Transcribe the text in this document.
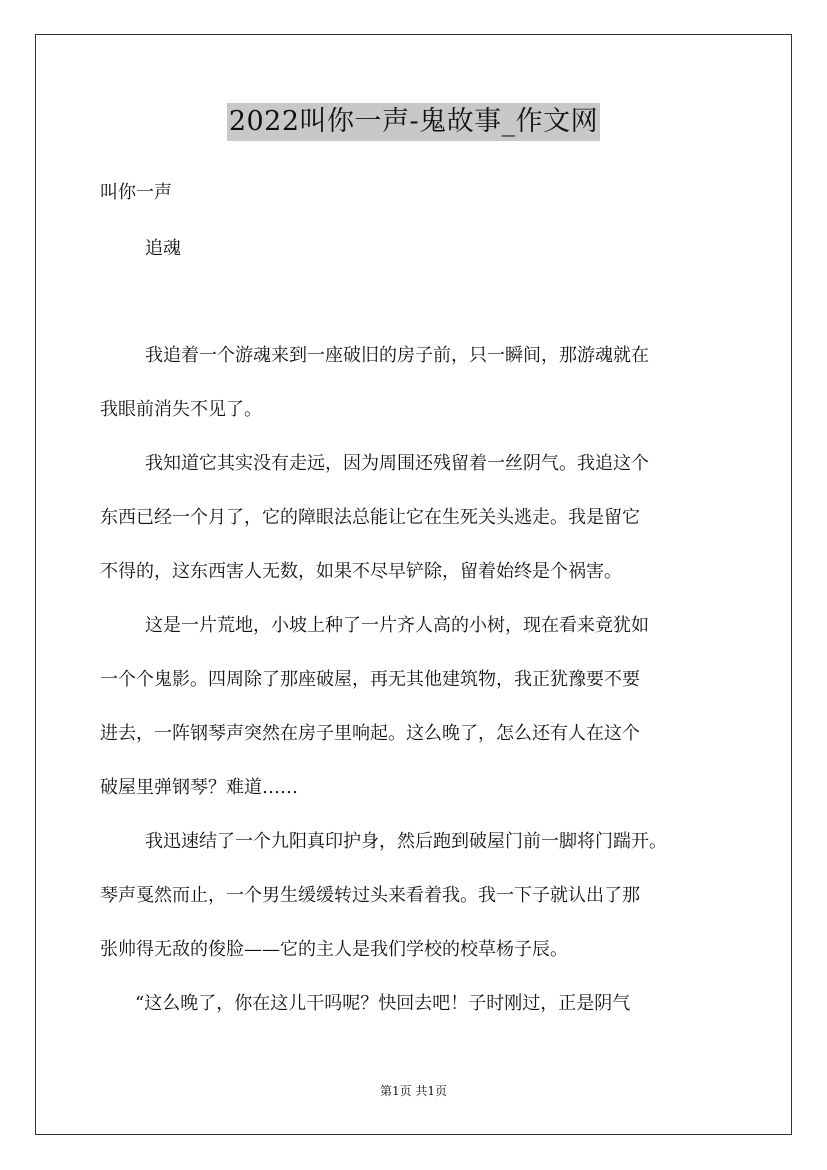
2022叫你一声-鬼故事_作文网
叫你一声
追魂
我追着一个游魂来到一座破旧的房子前，只一瞬间，那游魂就在
我眼前消失不见了。
我知道它其实没有走远，因为周围还残留着一丝阴气。我追这个
东西已经一个月了，它的障眼法总能让它在生死关头逃走。我是留它
不得的，这东西害人无数，如果不尽早铲除，留着始终是个祸害。
这是一片荒地，小坡上种了一片齐人高的小树，现在看来竟犹如
一个个鬼影。四周除了那座破屋，再无其他建筑物，我正犹豫要不要
进去，一阵钢琴声突然在房子里响起。这么晚了，怎么还有人在这个
破屋里弹钢琴？难道……
我迅速结了一个九阳真印护身，然后跑到破屋门前一脚将门踹开。
琴声戛然而止，一个男生缓缓转过头来看着我。我一下子就认出了那
张帅得无敌的俊脸——它的主人是我们学校的校草杨子辰。
“这么晚了，你在这儿干吗呢？快回去吧！子时刚过，正是阴气
第1页 共1页
